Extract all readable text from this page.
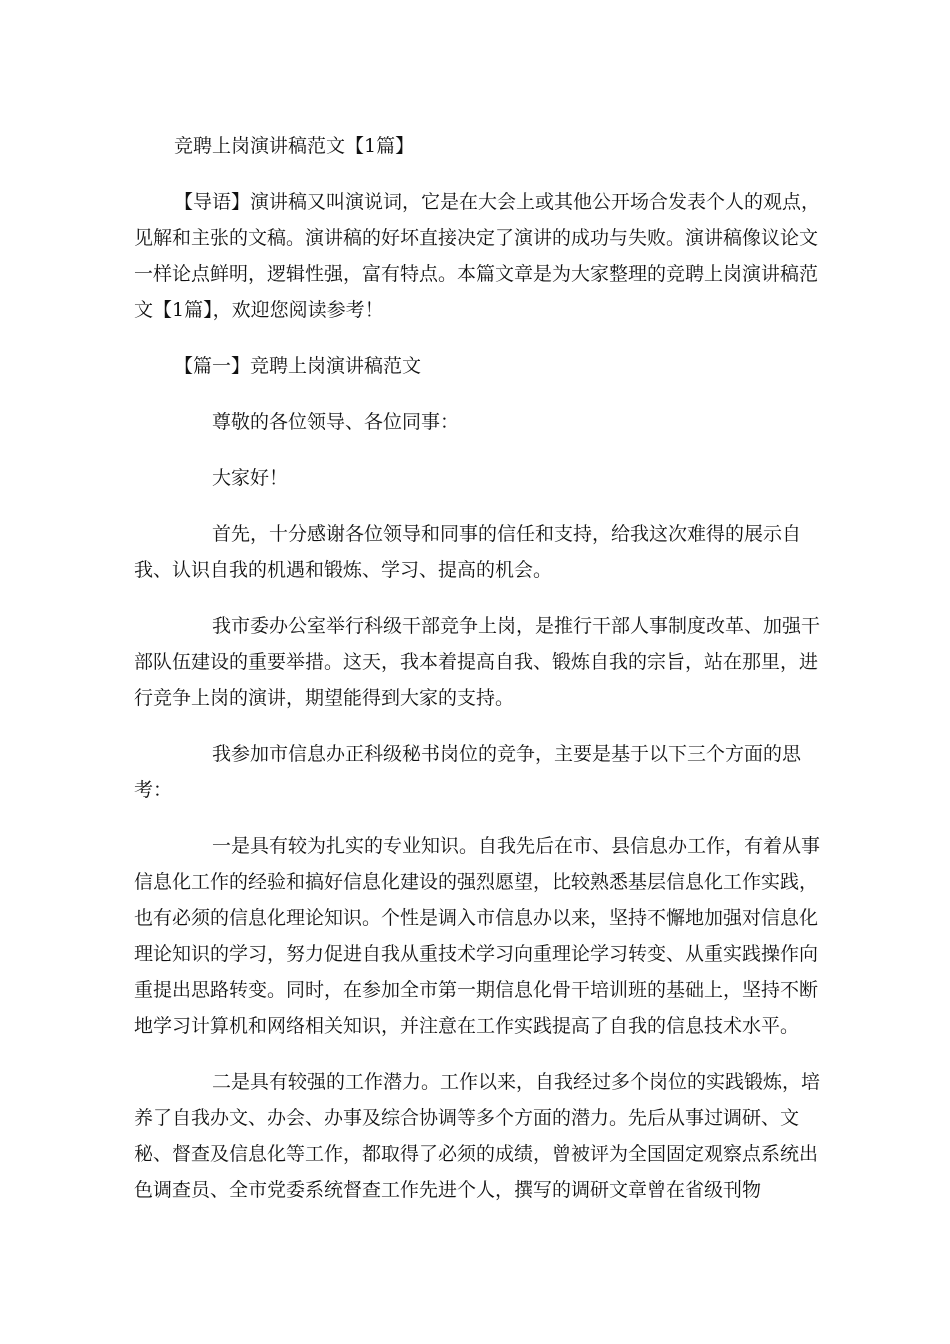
竞聘上岗演讲稿范文【1篇】

【导语】演讲稿又叫演说词，它是在大会上或其他公开场合发表个人的观点，见解和主张的文稿。演讲稿的好坏直接决定了演讲的成功与失败。演讲稿像议论文一样论点鲜明，逻辑性强，富有特点。本篇文章是为大家整理的竞聘上岗演讲稿范文【1篇】，欢迎您阅读参考！

【篇一】竞聘上岗演讲稿范文

尊敬的各位领导、各位同事：

大家好！

首先，十分感谢各位领导和同事的信任和支持，给我这次难得的展示自我、认识自我的机遇和锻炼、学习、提高的机会。

我市委办公室举行科级干部竞争上岗，是推行干部人事制度改革、加强干部队伍建设的重要举措。这天，我本着提高自我、锻炼自我的宗旨，站在那里，进行竞争上岗的演讲，期望能得到大家的支持。

我参加市信息办正科级秘书岗位的竞争，主要是基于以下三个方面的思考：

一是具有较为扎实的专业知识。自我先后在市、县信息办工作，有着从事信息化工作的经验和搞好信息化建设的强烈愿望，比较熟悉基层信息化工作实践，也有必须的信息化理论知识。个性是调入市信息办以来，坚持不懈地加强对信息化理论知识的学习，努力促进自我从重技术学习向重理论学习转变、从重实践操作向重提出思路转变。同时，在参加全市第一期信息化骨干培训班的基础上，坚持不断地学习计算机和网络相关知识，并注意在工作实践提高了自我的信息技术水平。

二是具有较强的工作潜力。工作以来，自我经过多个岗位的实践锻炼，培养了自我办文、办会、办事及综合协调等多个方面的潜力。先后从事过调研、文秘、督查及信息化等工作，都取得了必须的成绩，曾被评为全国固定观察点系统出色调查员、全市党委系统督查工作先进个人，撰写的调研文章曾在省级刊物
